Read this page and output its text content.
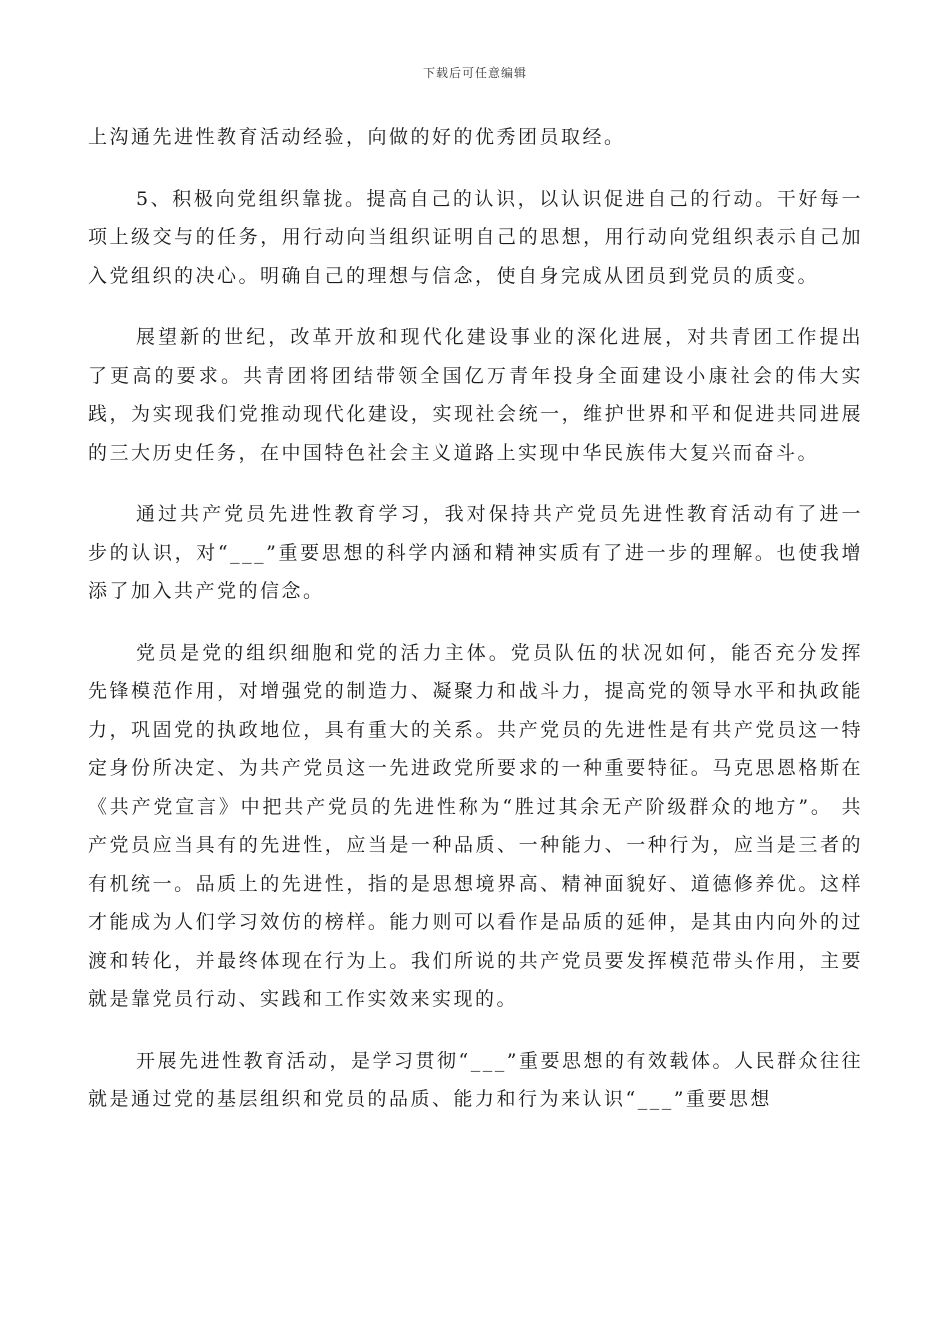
下载后可任意编辑

上沟通先进性教育活动经验，向做的好的优秀团员取经。

5、积极向党组织靠拢。提高自己的认识，以认识促进自己的行动。干好每一项上级交与的任务，用行动向当组织证明自己的思想，用行动向党组织表示自己加入党组织的决心。明确自己的理想与信念，使自身完成从团员到党员的质变。

展望新的世纪，改革开放和现代化建设事业的深化进展，对共青团工作提出了更高的要求。共青团将团结带领全国亿万青年投身全面建设小康社会的伟大实践，为实现我们党推动现代化建设，实现社会统一，维护世界和平和促进共同进展的三大历史任务，在中国特色社会主义道路上实现中华民族伟大复兴而奋斗。

通过共产党员先进性教育学习，我对保持共产党员先进性教育活动有了进一步的认识，对“___”重要思想的科学内涵和精神实质有了进一步的理解。也使我增添了加入共产党的信念。

党员是党的组织细胞和党的活力主体。党员队伍的状况如何，能否充分发挥先锋模范作用，对增强党的制造力、凝聚力和战斗力，提高党的领导水平和执政能力，巩固党的执政地位，具有重大的关系。共产党员的先进性是有共产党员这一特定身份所决定、为共产党员这一先进政党所要求的一种重要特征。马克思恩格斯在《共产党宣言》中把共产党员的先进性称为“胜过其余无产阶级群众的地方”。 共产党员应当具有的先进性，应当是一种品质、一种能力、一种行为，应当是三者的有机统一。品质上的先进性，指的是思想境界高、精神面貌好、道德修养优。这样才能成为人们学习效仿的榜样。能力则可以看作是品质的延伸，是其由内向外的过渡和转化，并最终体现在行为上。我们所说的共产党员要发挥模范带头作用，主要就是靠党员行动、实践和工作实效来实现的。

开展先进性教育活动，是学习贯彻“___”重要思想的有效载体。人民群众往往就是通过党的基层组织和党员的品质、能力和行为来认识“___”重要思想
